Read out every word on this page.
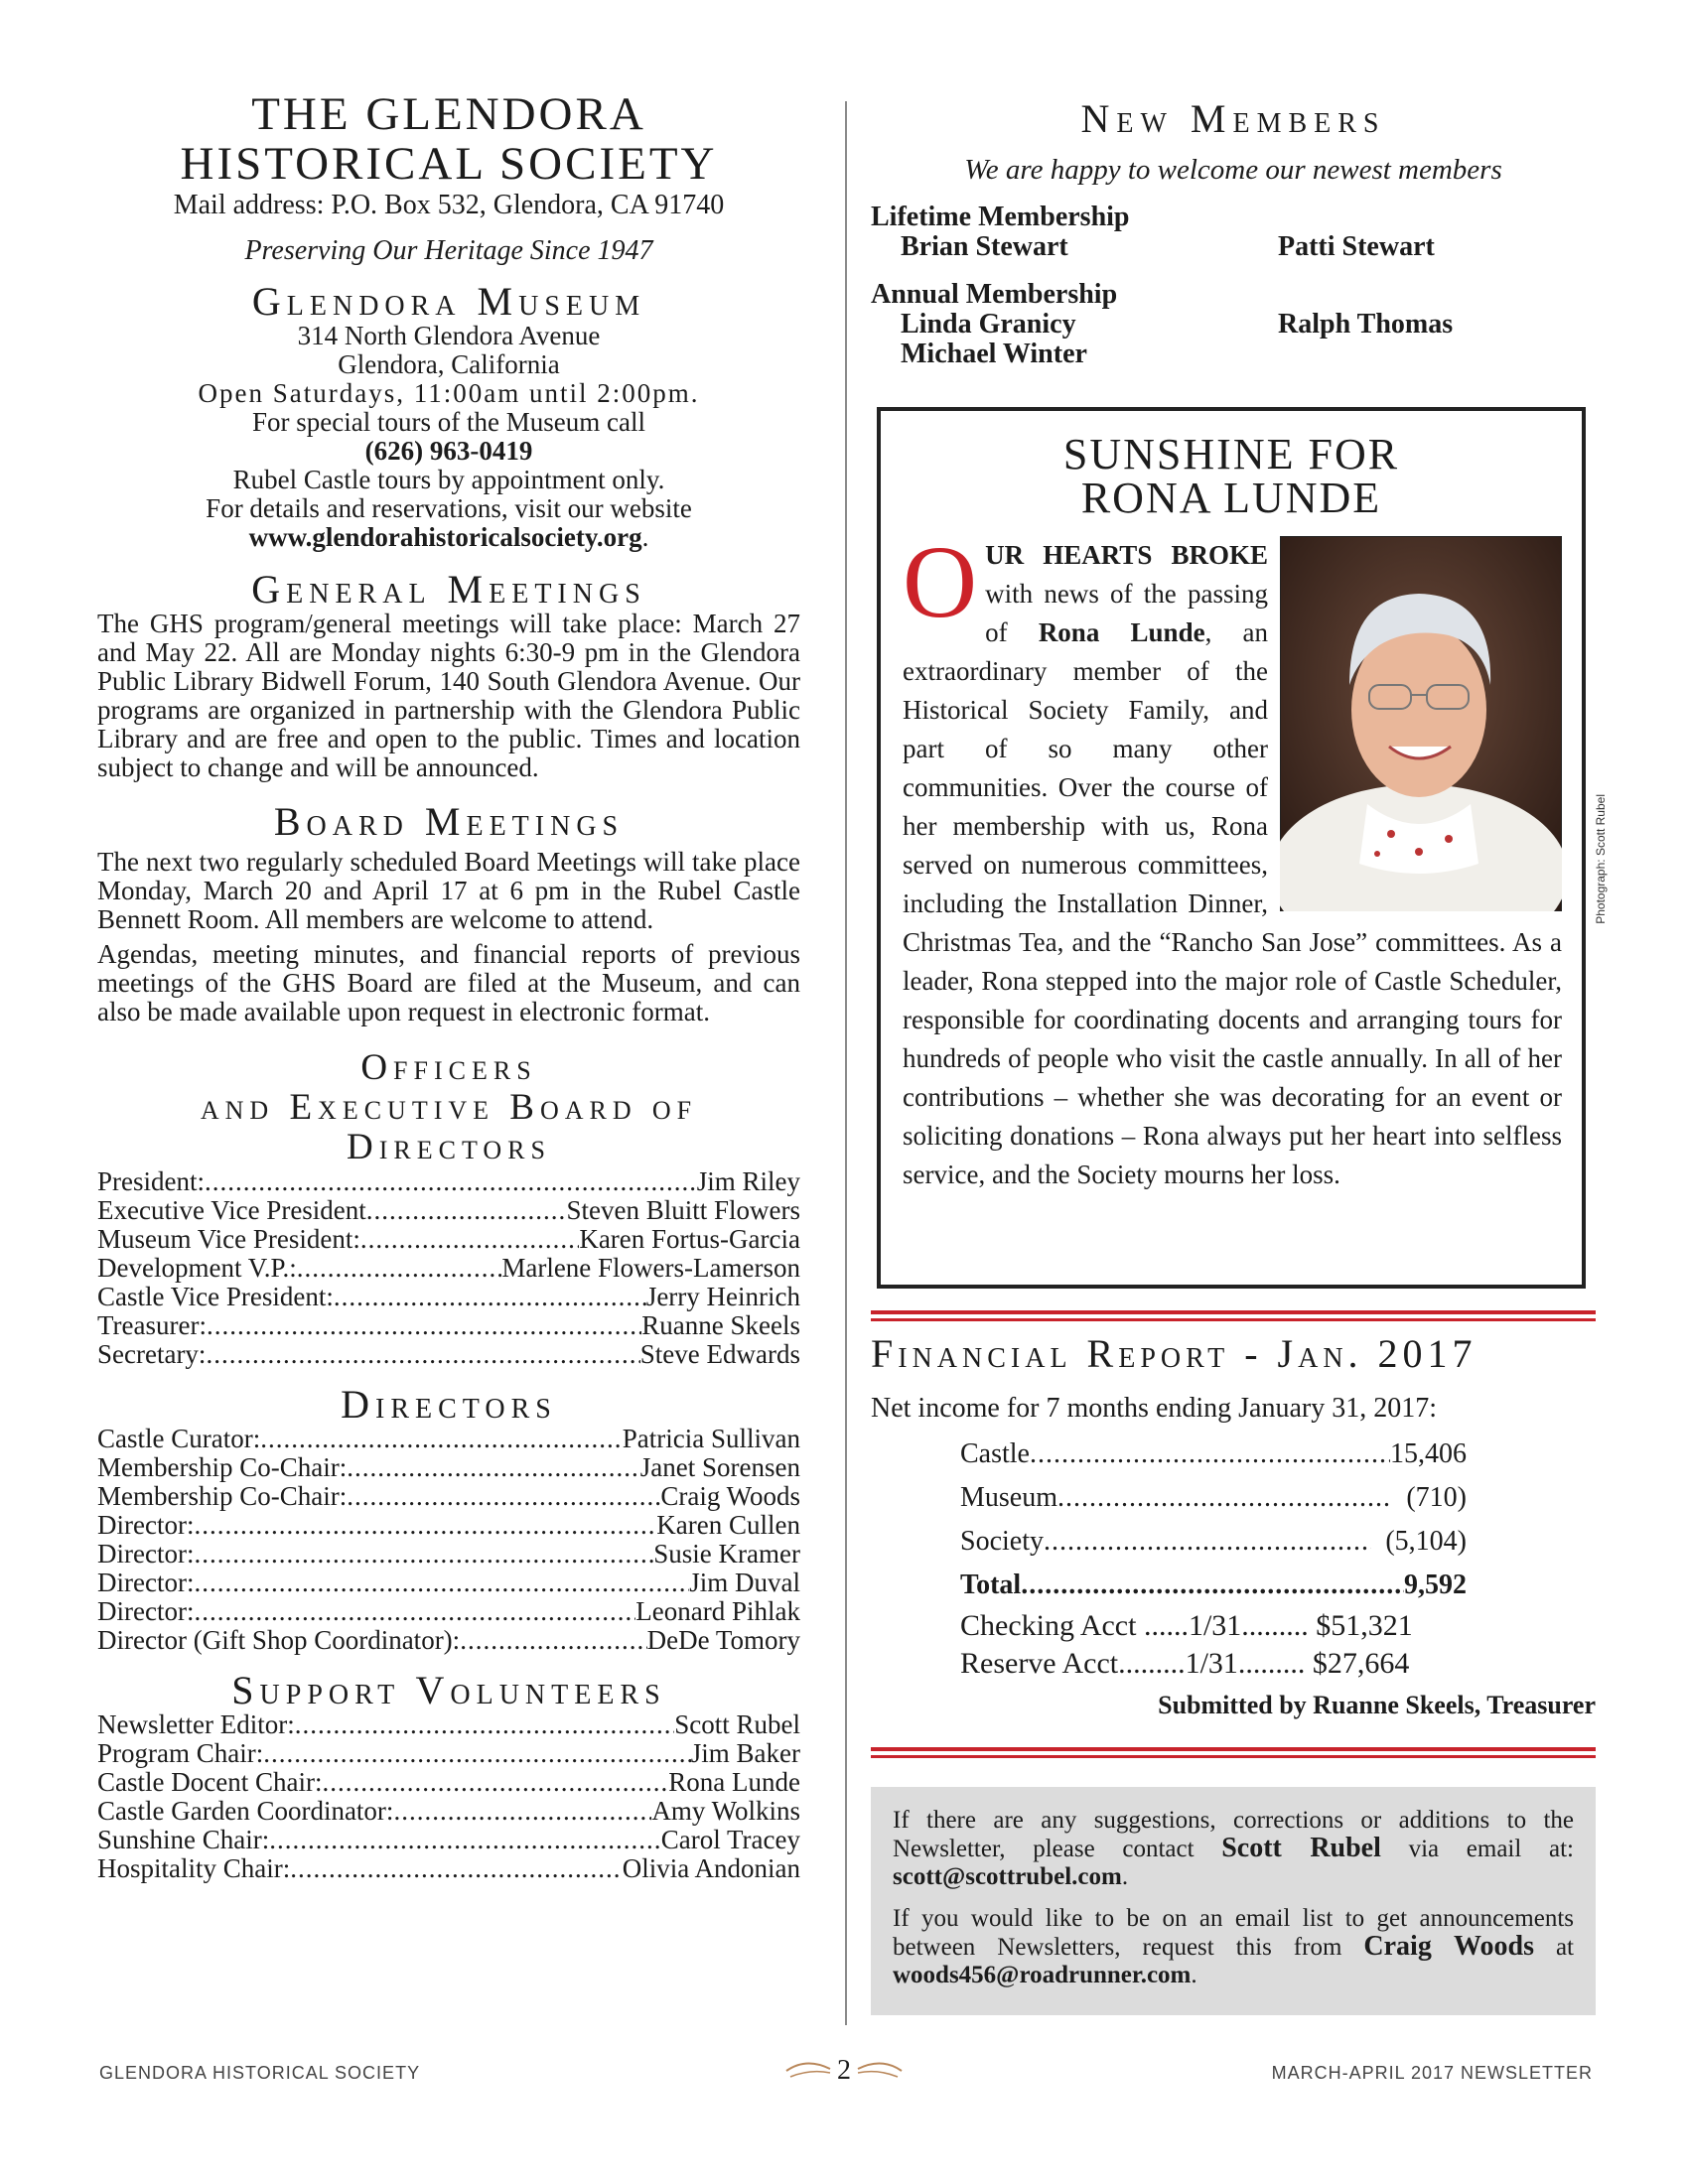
THE GLENDORA
HISTORICAL SOCIETY
Mail address: P.O. Box 532, Glendora, CA 91740
Preserving Our Heritage Since 1947
Glendora Museum
314 North Glendora Avenue
Glendora, California
Open Saturdays, 11:00am until 2:00pm.
For special tours of the Museum call
(626) 963-0419
Rubel Castle tours by appointment only.
For details and reservations, visit our website
www.glendorahistoricalsociety.org.
General Meetings

The GHS program/general meetings will take place: March 27 and May 22. All are Monday nights 6:30-9 pm in the Glendora Public Library Bidwell Forum, 140 South Glendora Avenue. Our programs are organized in partnership with the Glendora Public Library and are free and open to the public. Times and location subject to change and will be announced.

Board Meetings

The next two regularly scheduled Board Meetings will take place Monday, March 20 and April 17 at 6 pm in the Rubel Castle Bennett Room. All members are welcome to attend.

Agendas, meeting minutes, and financial reports of previous meetings of the GHS Board are filed at the Museum, and can also be made available upon request in electronic format.

Officers
and Executive Board of
Directors
President: .....	Jim Riley
Executive Vice President .....	Steven Bluitt Flowers
Museum Vice President: .....	Karen Fortus-Garcia
Development V.P.: .....	Marlene Flowers-Lamerson
Castle Vice President: .....	Jerry Heinrich
Treasurer: .....	Ruanne Skeels
Secretary: .....	Steve Edwards
Directors
Castle Curator: .....	Patricia Sullivan
Membership Co-Chair: .....	Janet Sorensen
Membership Co-Chair: .....	Craig Woods
Director: .....	Karen Cullen
Director: .....	Susie Kramer
Director: .....	Jim Duval
Director: .....	Leonard Pihlak
Director (Gift Shop Coordinator): .....	DeDe Tomory
Support Volunteers
Newsletter Editor: .....	Scott Rubel
Program Chair: .....	Jim Baker
Castle Docent Chair: .....	Rona Lunde
Castle Garden Coordinator: .....	Amy Wolkins
Sunshine Chair: .....	Carol Tracey
Hospitality Chair: .....	Olivia Andonian
New Members
We are happy to welcome our newest members
Lifetime Membership
Brian Stewart	Patti Stewart
Annual Membership
Linda Granicy	Ralph Thomas
Michael Winter
SUNSHINE FOR
RONA LUNDE
Photograph: Scott Rubel
O UR HEARTS BROKE with news of the passing of Rona Lunde, an extraordinary member of the Historical Society Family, and part of so many other communities. Over the course of her membership with us, Rona served on numerous committees, including the Installation Dinner, Christmas Tea, and the “Rancho San Jose” committees. As a leader, Rona stepped into the major role of Castle Scheduler, responsible for coordinating docents and arranging tours for hundreds of people who visit the castle annually. In all of her contributions – whether she was decorating for an event or soliciting donations – Rona always put her heart into selfless service, and the Society mourns her loss.
Financial Report - Jan. 2017
Net income for 7 months ending January 31, 2017:
Castle .....	15,406
Museum .....	(710)
Society .....	(5,104)
Total .....	9,592
Checking Acct ......1/31......... $51,321
Reserve Acct.........1/31......... $27,664
Submitted by Ruanne Skeels, Treasurer

If there are any suggestions, corrections or additions to the Newsletter, please contact Scott Rubel via email at: scott@scottrubel.com.

If you would like to be on an email list to get announcements between Newsletters, request this from Craig Woods at woods456@roadrunner.com.

GLENDORA HISTORICAL SOCIETY	2	MARCH-APRIL 2017 NEWSLETTER
